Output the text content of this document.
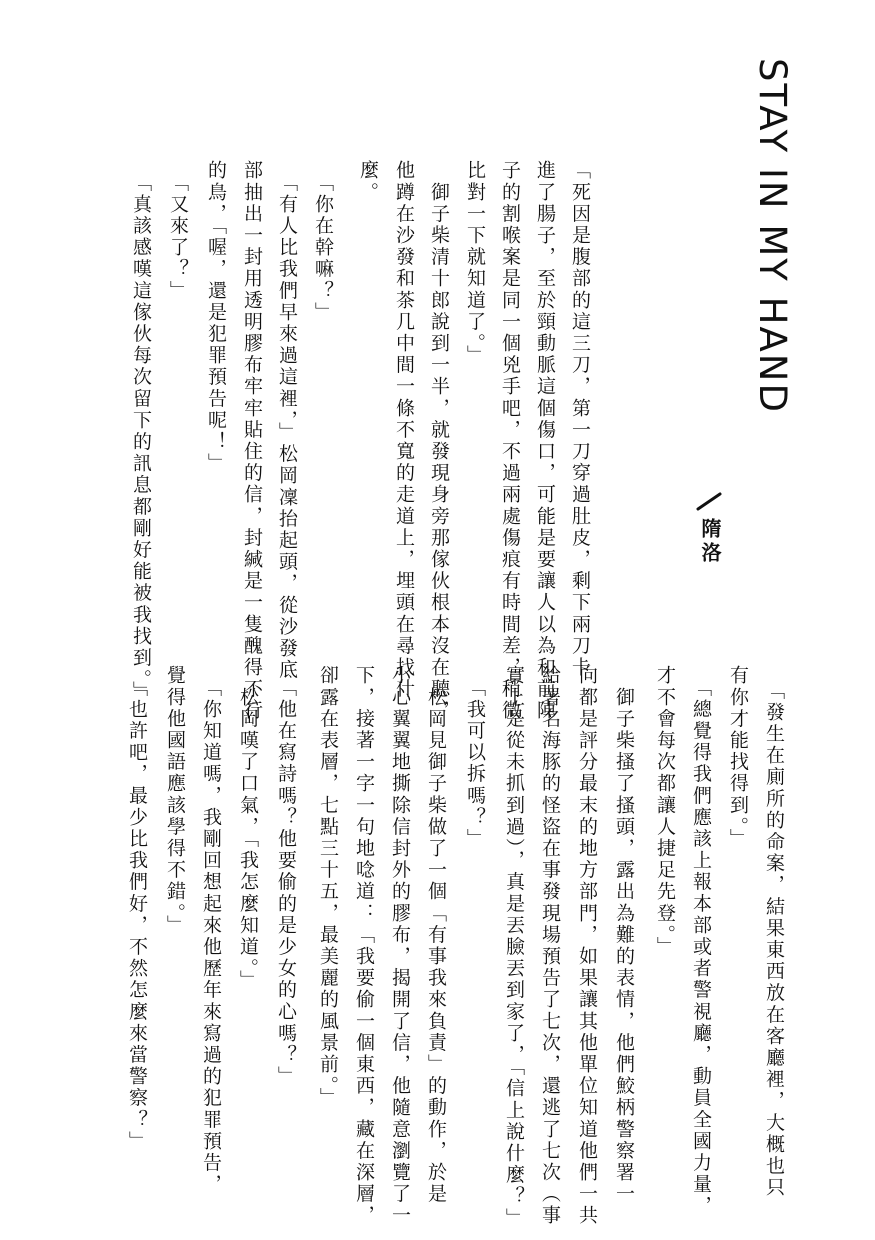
STAY IN MY HAND
隋洛
「死因是腹部的這三刀，第一刀穿過肚皮，剩下兩刀卡
進了腸子，至於頸動脈這個傷口，可能是要讓人以為和前陣
子的割喉案是同一個兇手吧，不過兩處傷痕有時間差，稍微
比對一下就知道了。」
　御子柴清十郎說到一半，就發現身旁那傢伙根本沒在聽，
他蹲在沙發和茶几中間一條不寬的走道上，埋頭在尋找什
麼。
　「你在幹嘛？」
　「有人比我們早來過這裡，」松岡凜抬起頭，從沙發底
部抽出一封用透明膠布牢牢貼住的信，封緘是一隻醜得不行
的鳥，「喔，還是犯罪預告呢！」
　「又來了？」
　「真該感嘆這傢伙每次留下的訊息都剛好能被我找到。」
　「發生在廁所的命案，結果東西放在客廳裡，大概也只
有你才能找得到。」
　「總覺得我們應該上報本部或者警視廳，動員全國力量，
才不會每次都讓人捷足先登。」
　御子柴搔了搔頭，露出為難的表情，他們鮫柄警察署一
向都是評分最末的地方部門，如果讓其他單位知道他們一共
給署名海豚的怪盜在事發現場預告了七次，還逃了七次（事
實上是從未抓到過），真是丟臉丟到家了，「信上說什麼？」
　「我可以拆嗎？」
　松岡見御子柴做了一個「有事我來負責」的動作，於是
小心翼翼地撕除信封外的膠布，揭開了信，他隨意瀏覽了一
下，接著一字一句地唸道：「我要偷一個東西，藏在深層，
卻露在表層，七點三十五，最美麗的風景前。」
　「他在寫詩嗎？他要偷的是少女的心嗎？」
　松岡嘆了口氣，「我怎麼知道。」
　「你知道嗎，我剛回想起來他歷年來寫過的犯罪預告，
覺得他國語應該學得不錯。」
　「也許吧，最少比我們好，不然怎麼來當警察？」
